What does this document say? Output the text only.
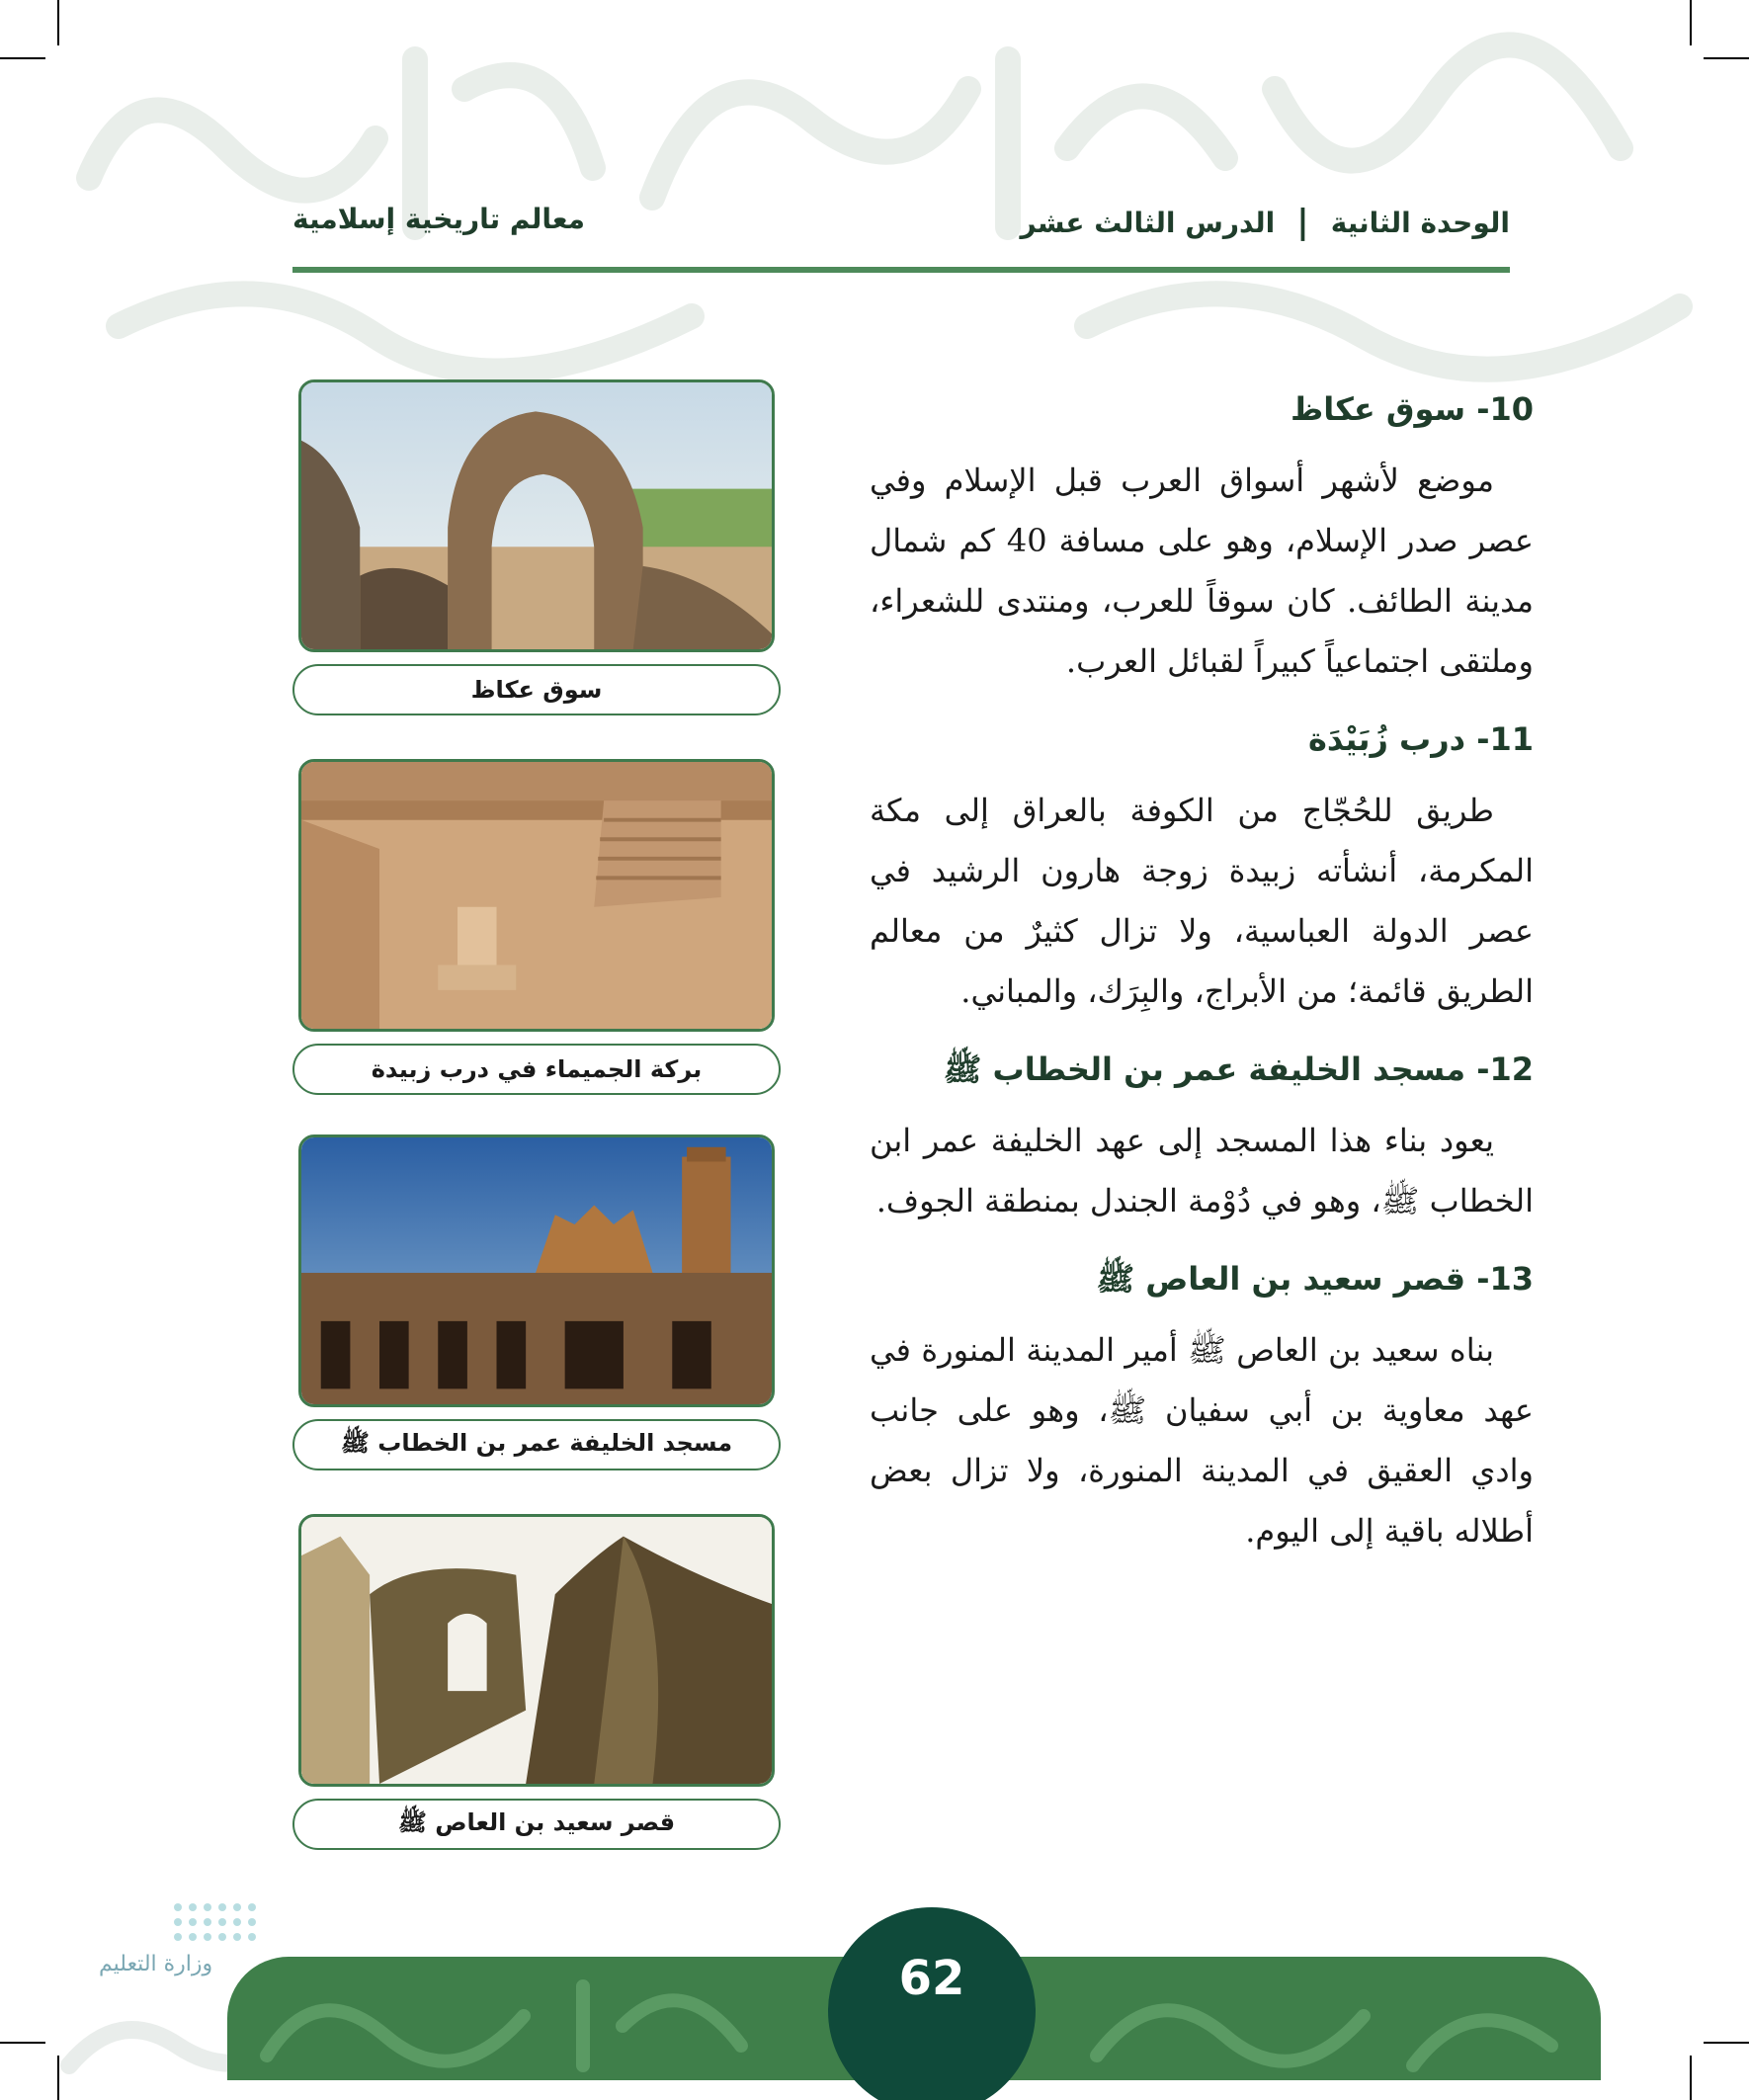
الوحدة الثانية
|
الدرس الثالث عشر
معالم تاريخية إسلامية
10- سوق عكاظ

موضع لأشهر أسواق العرب قبل الإسلام وفي عصر صدر الإسلام، وهو على مسافة 40 كم شمال مدينة الطائف. كان سوقاً للعرب، ومنتدى للشعراء، وملتقى اجتماعياً كبيراً لقبائل العرب.

11- درب زُبَيْدَة

طريق للحُجّاج من الكوفة بالعراق إلى مكة المكرمة، أنشأته زبيدة زوجة هارون الرشيد في عصر الدولة العباسية، ولا تزال كثيرٌ من معالم الطريق قائمة؛ من الأبراج، والبِرَك، والمباني.

12- مسجد الخليفة عمر بن الخطاب ﷺ

يعود بناء هذا المسجد إلى عهد الخليفة عمر ابن الخطاب ﷺ، وهو في دُوْمة الجندل بمنطقة الجوف.

13- قصر سعيد بن العاص ﷺ

بناه سعيد بن العاص ﷺ أمير المدينة المنورة في عهد معاوية بن أبي سفيان ﷺ، وهو على جانب وادي العقيق في المدينة المنورة، ولا تزال بعض أطلاله باقية إلى اليوم.

سوق عكاظ
بركة الجميماء في درب زبيدة
مسجد الخليفة عمر بن الخطاب ﷺ
قصر سعيد بن العاص ﷺ
وزارة التعليم	62
